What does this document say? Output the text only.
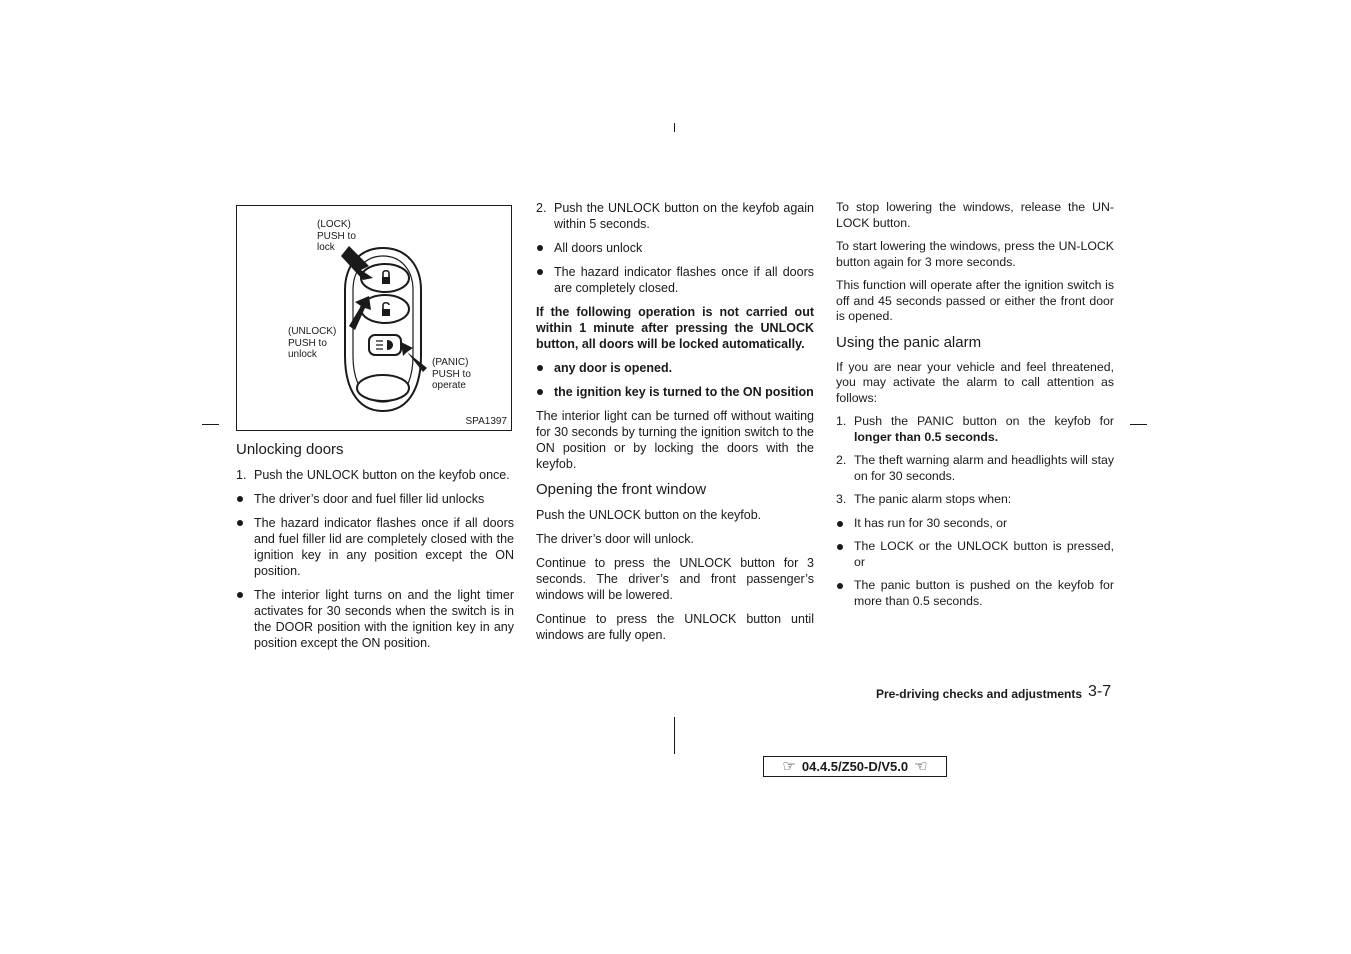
(LOCK)
PUSH to
lock
(UNLOCK)
PUSH to
unlock
(PANIC)
PUSH to
operate
SPA1397
Unlocking doors
1. Push the UNLOCK button on the keyfob once.
The driver’s door and fuel filler lid unlocks
The hazard indicator flashes once if all doors and fuel filler lid are completely closed with the ignition key in any position except the ON position.
The interior light turns on and the light timer activates for 30 seconds when the switch is in the DOOR position with the ignition key in any position except the ON position.
2. Push the UNLOCK button on the keyfob again within 5 seconds.
All doors unlock
The hazard indicator flashes once if all doors are completely closed.

If the following operation is not carried out within 1 minute after pressing the UNLOCK button, all doors will be locked automatically.

any door is opened.
the ignition key is turned to the ON position

The interior light can be turned off without waiting for 30 seconds by turning the ignition switch to the ON position or by locking the doors with the keyfob.

Opening the front window

Push the UNLOCK button on the keyfob.

The driver’s door will unlock.

Continue to press the UNLOCK button for 3 seconds. The driver’s and front passenger’s windows will be lowered.

Continue to press the UNLOCK button until windows are fully open.

To stop lowering the windows, release the UN-LOCK button.

To start lowering the windows, press the UN-LOCK button again for 3 more seconds.

This function will operate after the ignition switch is off and 45 seconds passed or either the front door is opened.

Using the panic alarm

If you are near your vehicle and feel threatened, you may activate the alarm to call attention as follows:

1. Push the PANIC button on the keyfob for longer than 0.5 seconds.
2. The theft warning alarm and headlights will stay on for 30 seconds.
3. The panic alarm stops when:
It has run for 30 seconds, or
The LOCK or the UNLOCK button is pressed, or
The panic button is pushed on the keyfob for more than 0.5 seconds.
Pre-driving checks and adjustments 3-7
☞ 04.4.5/Z50-D/V5.0 ☜
